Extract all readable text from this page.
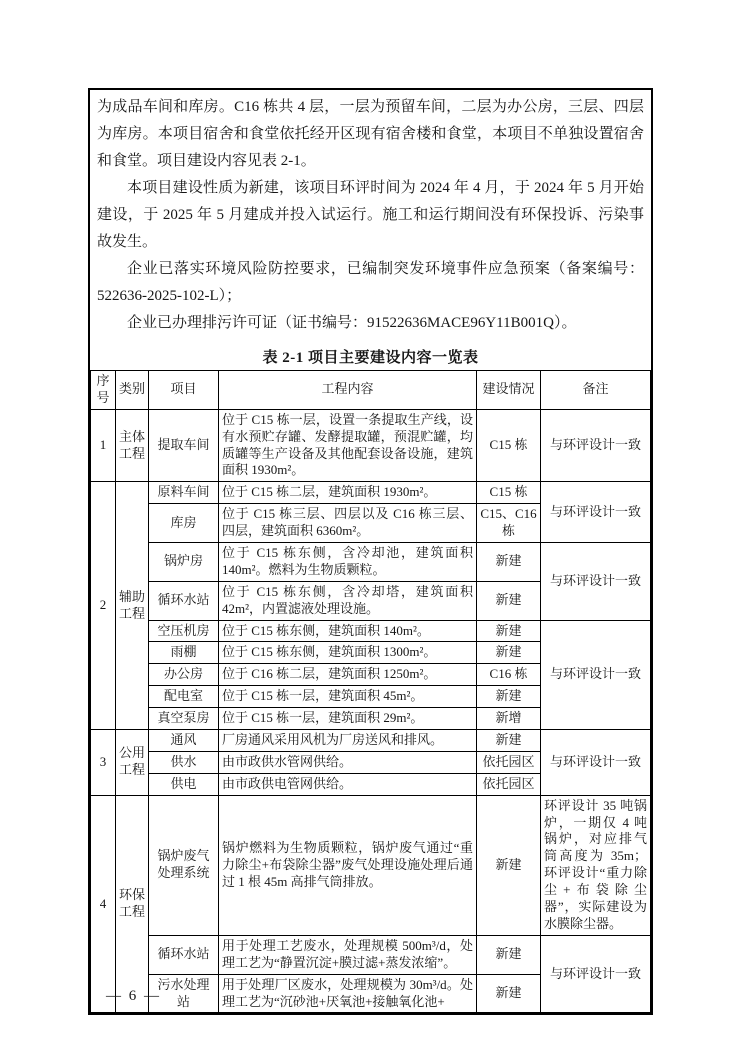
为成品车间和库房。C16 栋共 4 层，一层为预留车间，二层为办公房，三层、四层为库房。本项目宿舍和食堂依托经开区现有宿舍楼和食堂，本项目不单独设置宿舍和食堂。项目建设内容见表 2-1。

本项目建设性质为新建，该项目环评时间为 2024 年 4 月，于 2024 年 5 月开始建设，于 2025 年 5 月建成并投入试运行。施工和运行期间没有环保投诉、污染事故发生。

企业已落实环境风险防控要求，已编制突发环境事件应急预案（备案编号：522636-2025-102-L）；

企业已办理排污许可证（证书编号：91522636MACE96Y11B001Q）。

表 2-1 项目主要建设内容一览表
序号	类别	项目	工程内容	建设情况	备注
1	主体工程	提取车间	位于 C15 栋一层，设置一条提取生产线，设有水预贮存罐、发酵提取罐，预混贮罐，均质罐等生产设备及其他配套设备设施，建筑面积 1930m²。	C15 栋	与环评设计一致
2	辅助工程	原料车间	位于 C15 栋二层，建筑面积 1930m²。	C15 栋	与环评设计一致
		库房	位于 C15 栋三层、四层以及 C16 栋三层、四层，建筑面积 6360m²。	C15、C16 栋	
		锅炉房	位于 C15 栋东侧，含冷却池，建筑面积 140m²。燃料为生物质颗粒。	新建	与环评设计一致
		循环水站	位于 C15 栋东侧，含冷却塔，建筑面积 42m²，内置滤液处理设施。	新建	
		空压机房	位于 C15 栋东侧，建筑面积 140m²。	新建	与环评设计一致
		雨棚	位于 C15 栋东侧，建筑面积 1300m²。	新建	
		办公房	位于 C16 栋二层，建筑面积 1250m²。	C16 栋	
		配电室	位于 C15 栋一层，建筑面积 45m²。	新建	
		真空泵房	位于 C15 栋一层，建筑面积 29m²。	新增	
3	公用工程	通风	厂房通风采用风机为厂房送风和排风。	新建	与环评设计一致
		供水	由市政供水管网供给。	依托园区	
		供电	由市政供电管网供给。	依托园区	
4	环保工程	锅炉废气处理系统	锅炉燃料为生物质颗粒，锅炉废气通过“重力除尘+布袋除尘器”废气处理设施处理后通过 1 根 45m 高排气筒排放。	新建	环评设计 35 吨锅炉，一期仅 4 吨锅炉，对应排气筒高度为 35m；环评设计“重力除尘+布袋除尘器”，实际建设为水膜除尘器。
		循环水站	用于处理工艺废水，处理规模 500m³/d，处理工艺为“静置沉淀+膜过滤+蒸发浓缩”。	新建	与环评设计一致
		污水处理站	用于处理厂区废水，处理规模为 30m³/d。处理工艺为“沉砂池+厌氧池+接触氧化池+	新建	
— 6 —
